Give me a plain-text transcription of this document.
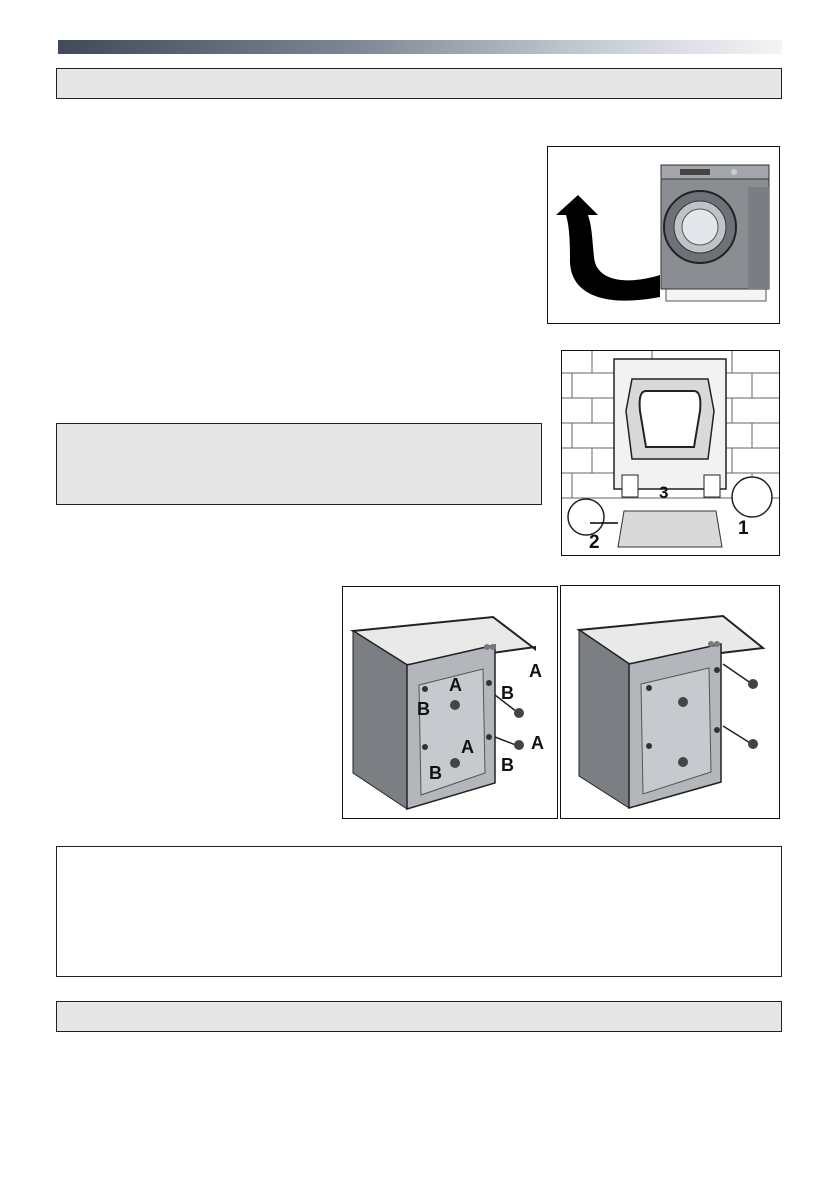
3
1
2
A
B
A
B
A	A
B	B
